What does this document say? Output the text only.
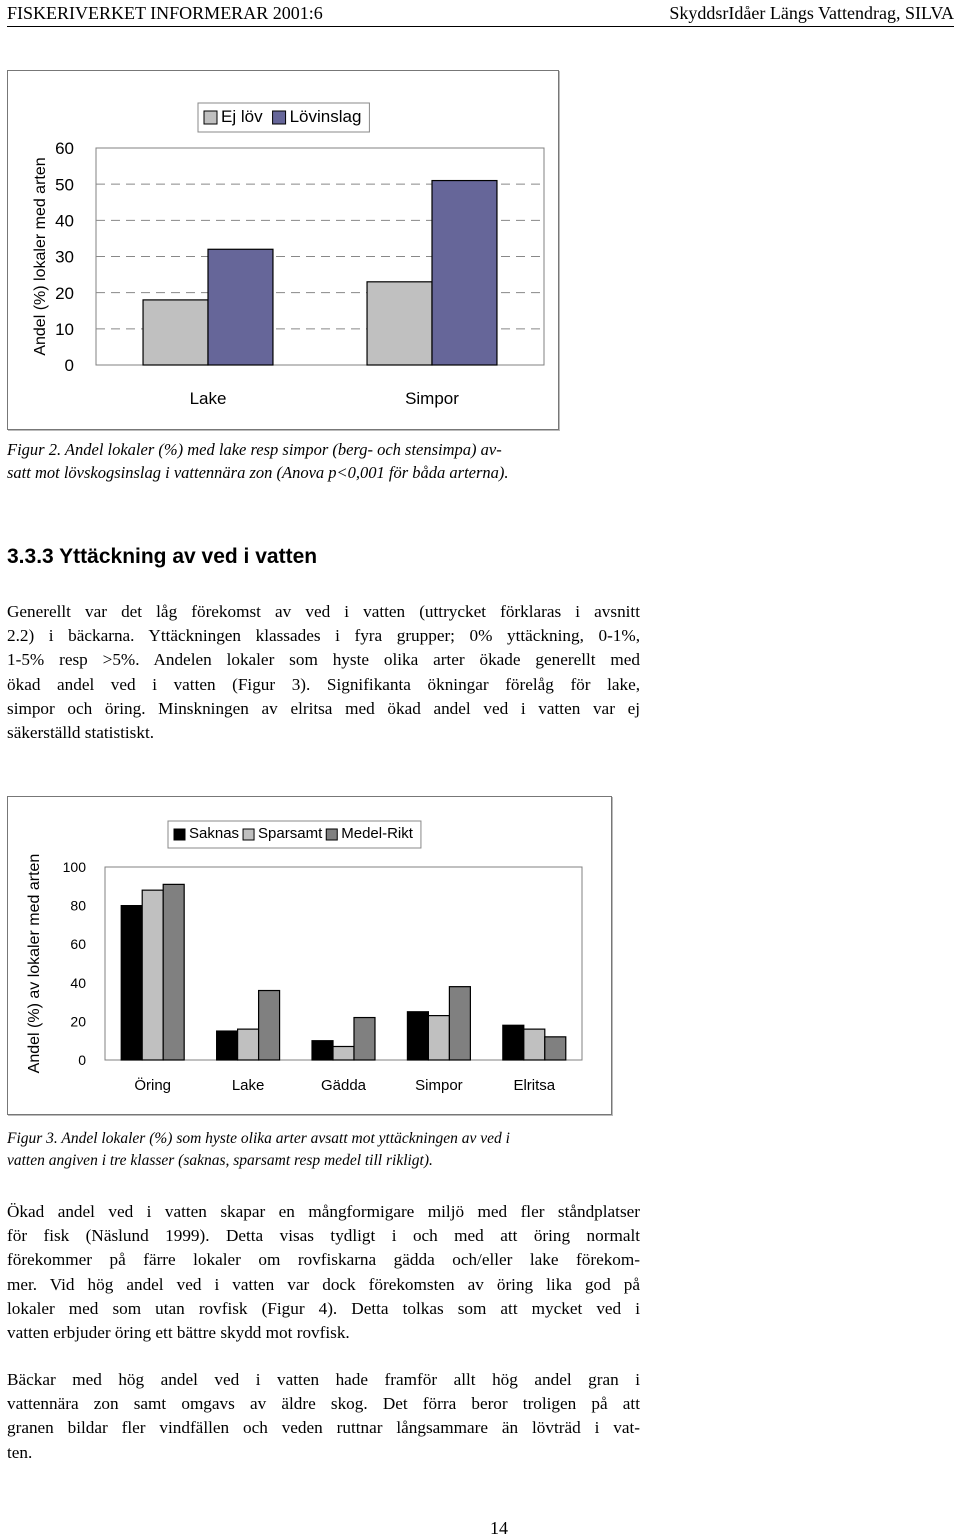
FISKERIVERKET INFORMERAR 2001:6	SkyddsrIdåer Längs Vattendrag, SILVA
0
10
20
30
40
50
60
Andel (%) lokaler med arten
Lake	Simpor
Ej löv Lövinslag
Figur 2. Andel lokaler (%) med lake resp simpor (berg- och stensimpa) av-
satt mot lövskogsinslag i vattennära zon (Anova p<0,001 för båda arterna).
3.3.3 Yttäckning av ved i vatten
Generellt var det låg förekomst av ved i vatten (uttrycket förklaras i avsnitt
2.2) i bäckarna. Yttäckningen klassades i fyra grupper; 0% yttäckning, 0-1%,
1-5% resp >5%. Andelen lokaler som hyste olika arter ökade generellt med
ökad andel ved i vatten (Figur 3). Signifikanta ökningar förelåg för lake,
simpor och öring. Minskningen av elritsa med ökad andel ved i vatten var ej
säkerställd statistiskt.
0
20
40
60
80
100
Andel (%) av lokaler med arten
Öring	Lake	Gädda	Simpor	Elritsa
Saknas Sparsamt Medel-Rikt
Figur 3. Andel lokaler (%) som hyste olika arter avsatt mot yttäckningen av ved i
vatten angiven i tre klasser (saknas, sparsamt resp medel till rikligt).
Ökad andel ved i vatten skapar en mångformigare miljö med fler ståndplatser
för fisk (Näslund 1999). Detta visas tydligt i och med att öring normalt
förekommer på färre lokaler om rovfiskarna gädda och/eller lake förekom-
mer. Vid hög andel ved i vatten var dock förekomsten av öring lika god på
lokaler med som utan rovfisk (Figur 4). Detta tolkas som att mycket ved i
vatten erbjuder öring ett bättre skydd mot rovfisk.
Bäckar med hög andel ved i vatten hade framför allt hög andel gran i
vattennära zon samt omgavs av äldre skog. Det förra beror troligen på att
granen bildar fler vindfällen och veden ruttnar långsammare än lövträd i vat-
ten.
14
